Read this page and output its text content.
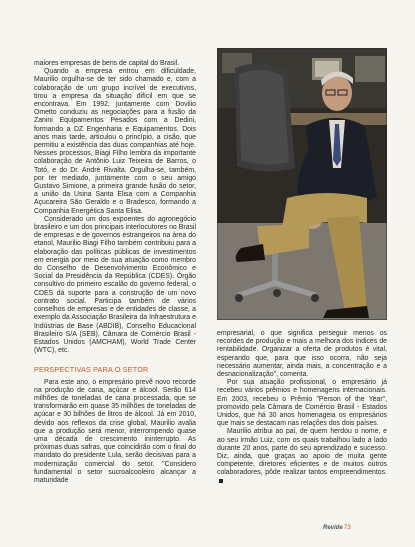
maiores empresas de bens de capital do Brasil.

Quando a empresa entrou em dificuldade, Maurilio orgulha-se de ter sido chamado e, com a colaboração de um grupo incrível de executivos, tirou a empresa da situação difícil em que se encontrava. Em 1992, juntamente com Dovilio Ometto conduziu as negociações para a fusão da Zanini Equipamentos Pesados com a Dedini, formando a DZ Engenharia e Equipamentos. Dois anos mais tarde, articulou o princípio, a cisão, que permitiu a existência das duas companhias até hoje. Nesses processos, Biagi Filho lembra da importante colaboração de Antônio Luiz Teixeira de Barros, o Totó, e do Dr. André Rivalta. Orgulha-se, também, por ter mediado, juntamente com o seu amigo Gustavo Simione, a primeira grande fusão do setor, a união da Usina Santa Elisa com a Companhia Açucareira São Geraldo e o Bradesco, formando a Companhia Energética Santa Elisa.

Considerado um dos expoentes do agronegócio brasileiro e um dos principais interlocutores no Brasil de empresas e de governos estrangeiros na área do etanol, Maurilio Biagi Filho também contribuiu para a elaboração das políticas públicas de investimentos em energia por meio de sua atuação como membro do Conselho de Desenvolvimento Econômico e Social da Presidência da República (CDES). Órgão consultivo do primeiro escalão do governo federal, o CDES dá suporte para a construção de um novo contrato social. Participa também de vários conselhos de empresas e de entidades de classe, a exemplo da Associação Brasileira da Infraestrutura e Indústrias de Base (ABDIB), Conselho Educacional Brasileiro S/A (SEB), Câmara de Comércio Brasil - Estados Unidos (AMCHAM), World Trade Center (WTC), etc.

PERSPECTIVAS PARA O SETOR

Para este ano, o empresário prevê novo recorde na produção de cana, açúcar e álcool. Serão 614 milhões de toneladas de cana processada, que se transformarão em quase 35 milhões de toneladas de açúcar e 30 bilhões de litros de álcool. Já em 2010, devido aos reflexos da crise global, Maurilio avalia que a produção será menor, interrompendo quase uma década de crescimento ininterrupto. As próximas duas safras, que coincidirão com o final do mandato do presidente Lula, serão decisivas para a modernização comercial do setor. "Considero fundamental o setor sucroalcooleiro alcançar a maturidade

empresarial, o que significa perseguir menos os recordes de produção e mais a melhora dos índices de rentabilidade. Organizar a oferta de produtos é vital, esperando que, para que isso ocorra, não seja necessário aumentar, ainda mais, a concentração e a desnacionalização", comenta.

Por sua atuação profissional, o empresário já recebeu vários prêmios e homenagens internacionais. Em 2003, recebeu o Prêmio "Person of the Year", promovido pela Câmara de Comércio Brasil - Estados Unidos, que há 30 anos homenageia os empresários que mais se destacam nas relações dos dois países.

Maurilio atribui ao pai, de quem herdou o nome, e ao seu irmão Luiz, com os quais trabalhou lado a lado durante 20 anos, parte do seu aprendizado e sucesso. Diz, ainda, que graças ao apoio de muita gente competente, diretores eficientes e de muitos outros colaboradores, pôde realizar tantos empreendimentos.

Revide73
